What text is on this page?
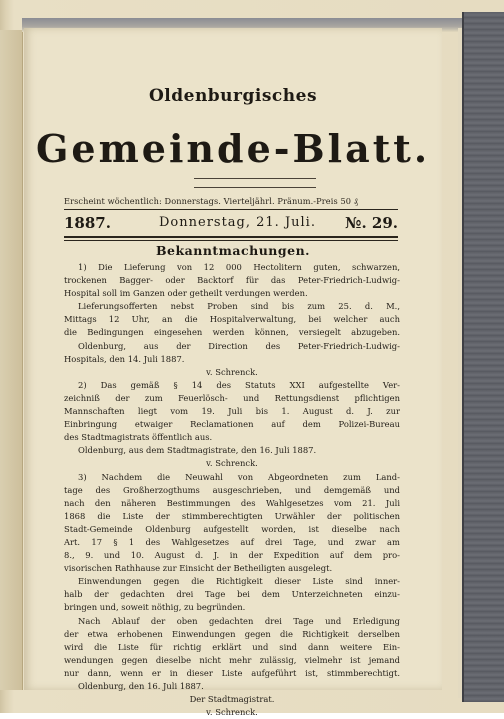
Oldenburgisches
Gemeinde-Blatt.
Erscheint wöchentlich: Donnerstags. Vierteljährl. Pränum.-Preis 50 ₰
1887.	Donnerstag, 21. Juli. №. 29.
Bekanntmachungen.
1) Die Lieferung von 12 000 Hectolitern guten, schwarzen,
trockenen Bagger- oder Backtorf für das Peter-Friedrich-Ludwig-
Hospital soll im Ganzen oder getheilt verdungen werden.
Lieferungsofferten nebst Proben sind bis zum 25. d. M.,
Mittags 12 Uhr, an die Hospitalverwaltung, bei welcher auch
die Bedingungen eingesehen werden können, versiegelt abzugeben.
Oldenburg, aus der Direction des Peter-Friedrich-Ludwig-
Hospitals, den 14. Juli 1887.
v. Schrenck.
2) Das gemäß § 14 des Statuts XXI aufgestellte Ver-
zeichniß der zum Feuerlösch- und Rettungsdienst pflichtigen
Mannschaften liegt vom 19. Juli bis 1. August d. J. zur
Einbringung etwaiger Reclamationen auf dem Polizei-Bureau
des Stadtmagistrats öffentlich aus.
Oldenburg, aus dem Stadtmagistrate, den 16. Juli 1887.
v. Schrenck.
3) Nachdem die Neuwahl von Abgeordneten zum Land-
tage des Großherzogthums ausgeschrieben, und demgemäß und
nach den näheren Bestimmungen des Wahlgesetzes vom 21. Juli
1868 die Liste der stimmberechtigten Urwähler der politischen
Stadt-Gemeinde Oldenburg aufgestellt worden, ist dieselbe nach
Art. 17 § 1 des Wahlgesetzes auf drei Tage, und zwar am
8., 9. und 10. August d. J. in der Expedition auf dem pro-
visorischen Rathhause zur Einsicht der Betheiligten ausgelegt.
Einwendungen gegen die Richtigkeit dieser Liste sind inner-
halb der gedachten drei Tage bei dem Unterzeichneten einzu-
bringen und, soweit nöthig, zu begründen.
Nach Ablauf der oben gedachten drei Tage und Erledigung
der etwa erhobenen Einwendungen gegen die Richtigkeit derselben
wird die Liste für richtig erklärt und sind dann weitere Ein-
wendungen gegen dieselbe nicht mehr zulässig, vielmehr ist jemand
nur dann, wenn er in dieser Liste aufgeführt ist, stimmberechtigt.
Oldenburg, den 16. Juli 1887.
Der Stadtmagistrat.
v. Schrenck.
